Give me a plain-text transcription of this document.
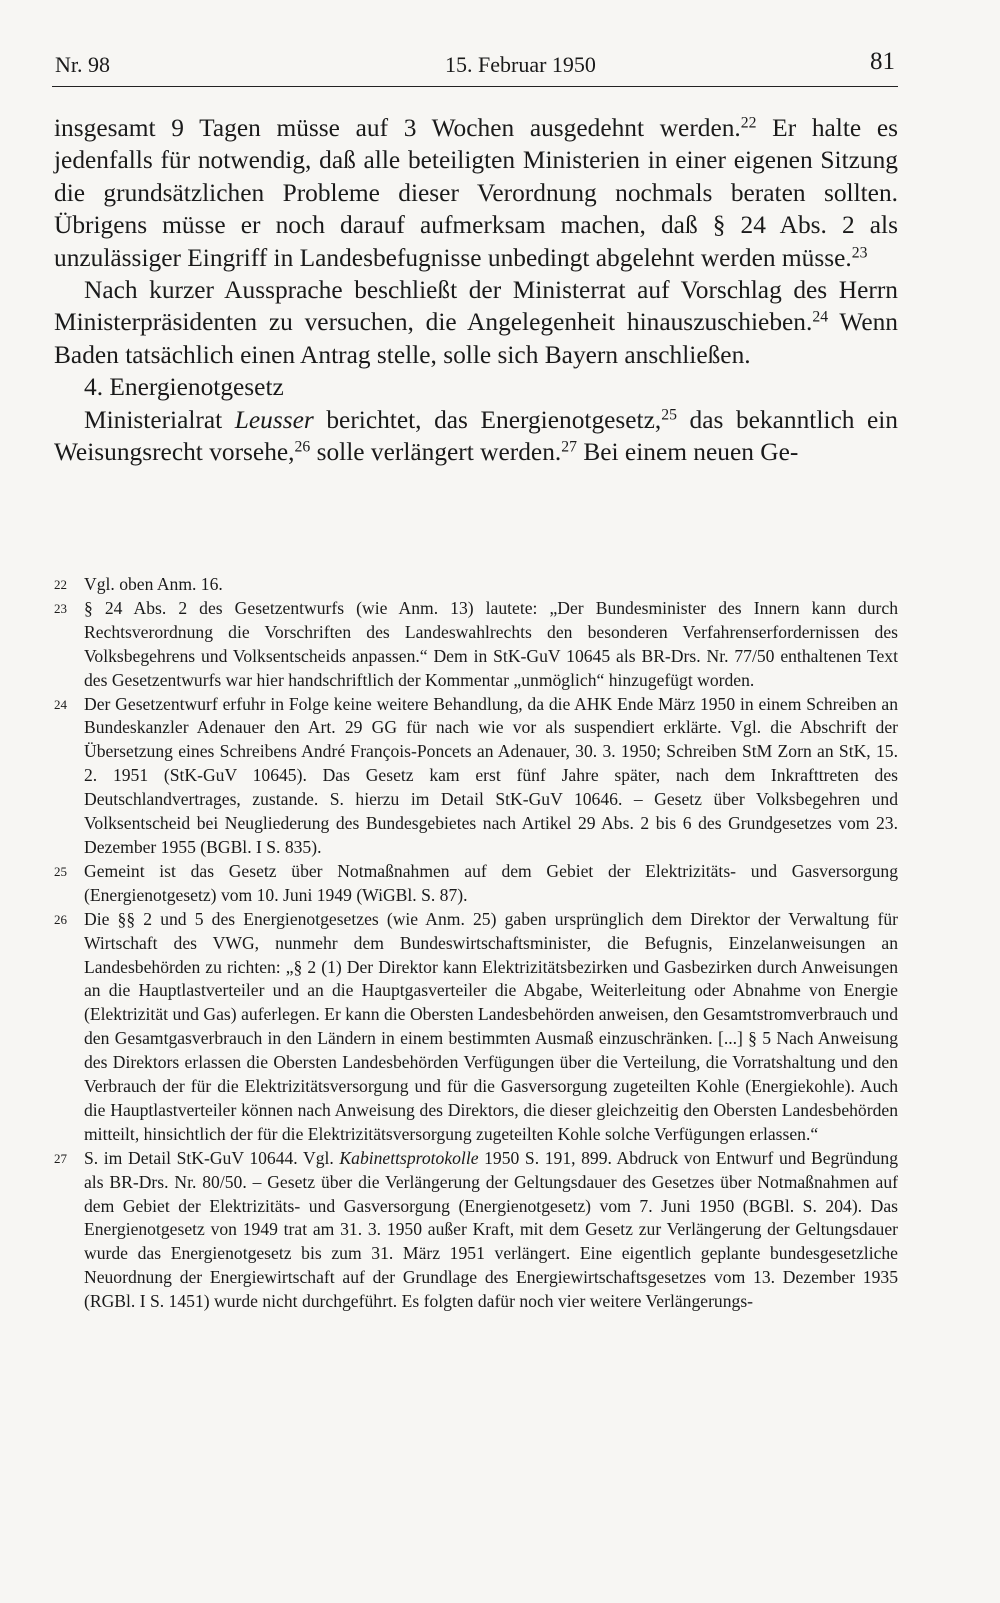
Nr. 98	15. Februar 1950	81

insgesamt 9 Tagen müsse auf 3 Wochen ausgedehnt werden.$^{22}$ Er halte es jedenfalls für notwendig, daß alle beteiligten Ministerien in einer eigenen Sitzung die grundsätzlichen Probleme dieser Verordnung nochmals beraten sollten. Übrigens müsse er noch darauf aufmerksam machen, daß § 24 Abs. 2 als unzulässiger Eingriff in Landesbefugnisse unbedingt abgelehnt werden müsse.$^{23}$

Nach kurzer Aussprache beschließt der Ministerrat auf Vorschlag des Herrn Ministerpräsidenten zu versuchen, die Angelegenheit hinauszuschieben.$^{24}$ Wenn Baden tatsächlich einen Antrag stelle, solle sich Bayern anschließen.

4. Energienotgesetz

Ministerialrat Leusser berichtet, das Energienotgesetz,$^{25}$ das bekanntlich ein Weisungsrecht vorsehe,$^{26}$ solle verlängert werden.$^{27}$ Bei einem neuen Ge-

22 Vgl. oben Anm. 16.
23 § 24 Abs. 2 des Gesetzentwurfs (wie Anm. 13) lautete: „Der Bundesminister des Innern kann durch Rechtsverordnung die Vorschriften des Landeswahlrechts den besonderen Verfahrenserfordernissen des Volksbegehrens und Volksentscheids anpassen.“ Dem in StK-GuV 10645 als BR-Drs. Nr. 77/50 enthaltenen Text des Gesetzentwurfs war hier handschriftlich der Kommentar „unmöglich“ hinzugefügt worden.
24 Der Gesetzentwurf erfuhr in Folge keine weitere Behandlung, da die AHK Ende März 1950 in einem Schreiben an Bundeskanzler Adenauer den Art. 29 GG für nach wie vor als suspendiert erklärte. Vgl. die Abschrift der Übersetzung eines Schreibens André François-Poncets an Adenauer, 30. 3. 1950; Schreiben StM Zorn an StK, 15. 2. 1951 (StK-GuV 10645). Das Gesetz kam erst fünf Jahre später, nach dem Inkrafttreten des Deutschlandvertrages, zustande. S. hierzu im Detail StK-GuV 10646. – Gesetz über Volksbegehren und Volksentscheid bei Neugliederung des Bundesgebietes nach Artikel 29 Abs. 2 bis 6 des Grundgesetzes vom 23. Dezember 1955 (BGBl. I S. 835).
25 Gemeint ist das Gesetz über Notmaßnahmen auf dem Gebiet der Elektrizitäts- und Gasversorgung (Energienotgesetz) vom 10. Juni 1949 (WiGBl. S. 87).
26 Die §§ 2 und 5 des Energienotgesetzes (wie Anm. 25) gaben ursprünglich dem Direktor der Verwaltung für Wirtschaft des VWG, nunmehr dem Bundeswirtschaftsminister, die Befugnis, Einzelanweisungen an Landesbehörden zu richten: „§ 2 (1) Der Direktor kann Elektrizitätsbezirken und Gasbezirken durch Anweisungen an die Hauptlastverteiler und an die Hauptgasverteiler die Abgabe, Weiterleitung oder Abnahme von Energie (Elektrizität und Gas) auferlegen. Er kann die Obersten Landesbehörden anweisen, den Gesamtstromverbrauch und den Gesamtgasverbrauch in den Ländern in einem bestimmten Ausmaß einzuschränken. [...] § 5 Nach Anweisung des Direktors erlassen die Obersten Landesbehörden Verfügungen über die Verteilung, die Vorratshaltung und den Verbrauch der für die Elektrizitätsversorgung und für die Gasversorgung zugeteilten Kohle (Energiekohle). Auch die Hauptlastverteiler können nach Anweisung des Direktors, die dieser gleichzeitig den Obersten Landesbehörden mitteilt, hinsichtlich der für die Elektrizitätsversorgung zugeteilten Kohle solche Verfügungen erlassen.“
27 S. im Detail StK-GuV 10644. Vgl. Kabinettsprotokolle 1950 S. 191, 899. Abdruck von Entwurf und Begründung als BR-Drs. Nr. 80/50. – Gesetz über die Verlängerung der Geltungsdauer des Gesetzes über Notmaßnahmen auf dem Gebiet der Elektrizitäts- und Gasversorgung (Energienotgesetz) vom 7. Juni 1950 (BGBl. S. 204). Das Energienotgesetz von 1949 trat am 31. 3. 1950 außer Kraft, mit dem Gesetz zur Verlängerung der Geltungsdauer wurde das Energienotgesetz bis zum 31. März 1951 verlängert. Eine eigentlich geplante bundesgesetzliche Neuordnung der Energiewirtschaft auf der Grundlage des Energiewirtschaftsgesetzes vom 13. Dezember 1935 (RGBl. I S. 1451) wurde nicht durchgeführt. Es folgten dafür noch vier weitere Verlängerungs-
